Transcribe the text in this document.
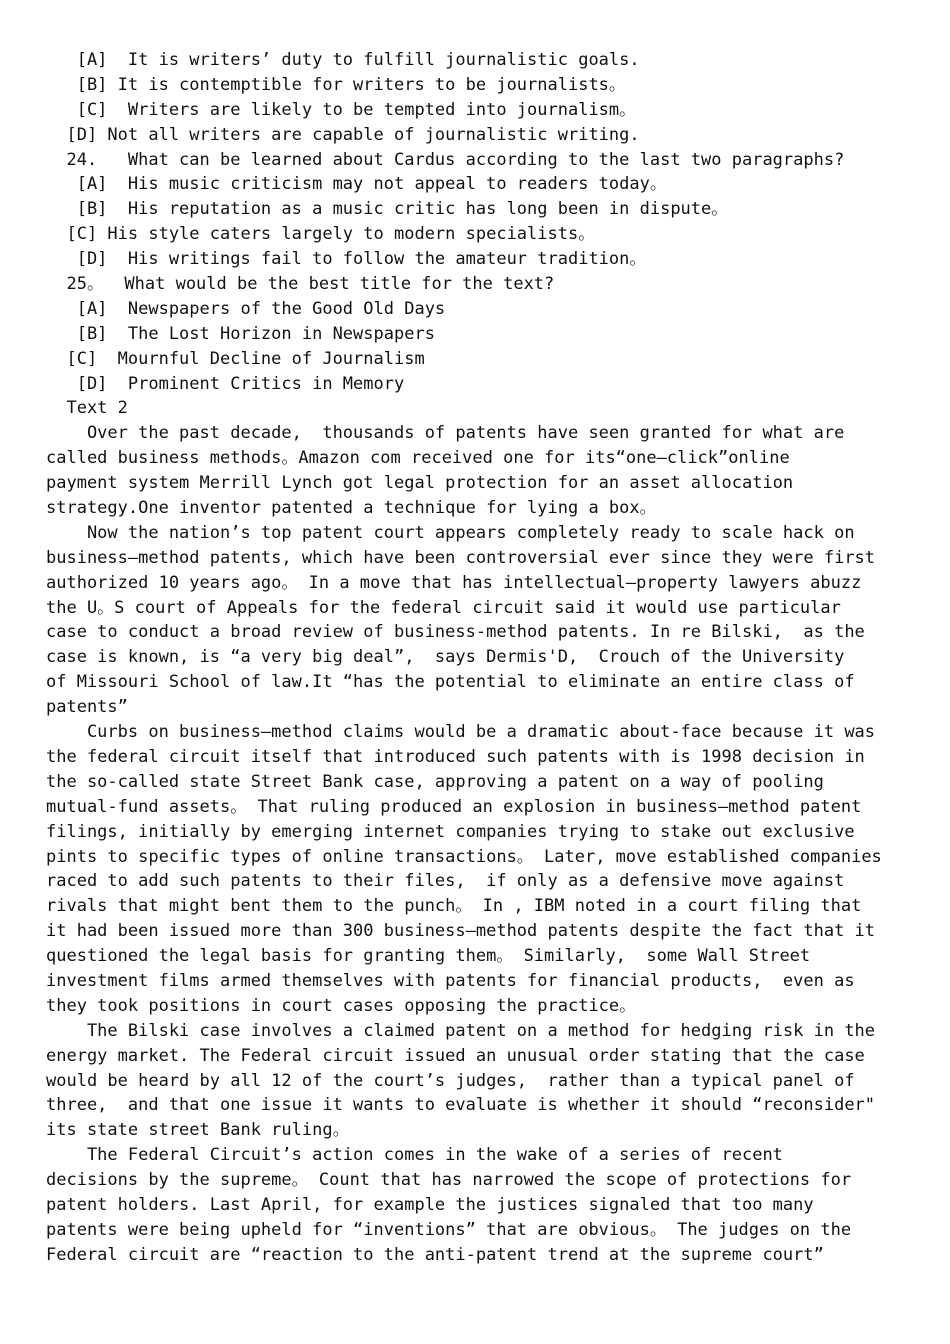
[A]  It is writers’ duty to fulfill journalistic goals.
[B] It is contemptible for writers to be journalists。
[C]  Writers are likely to be tempted into journalism。
[D] Not all writers are capable of journalistic writing.
24.   What can be learned about Cardus according to the last two paragraphs?
[A]  His music criticism may not appeal to readers today。
[B]  His reputation as a music critic has long been in dispute。
[C] His style caters largely to modern specialists。
[D]  His writings fail to follow the amateur tradition。
25。  What would be the best title for the text?
[A]  Newspapers of the Good Old Days
[B]  The Lost Horizon in Newspapers
[C]  Mournful Decline of Journalism
[D]  Prominent Critics in Memory
Text 2
Over the past decade,  thousands of patents have seen granted for what are
called business methods。Amazon com received one for its“one—click”online
payment system Merrill Lynch got legal protection for an asset allocation
strategy.One inventor patented a technique for lying a box。
Now the nation’s top patent court appears completely ready to scale hack on
business—method patents, which have been controversial ever since they were first
authorized 10 years ago。 In a move that has intellectual—property lawyers abuzz
the U。S court of Appeals for the federal circuit said it would use particular
case to conduct a broad review of business-method patents. In re Bilski,  as the
case is known, is “a very big deal”,  says Dermis'D,  Crouch of the University
of Missouri School of law.It “has the potential to eliminate an entire class of
patents”
Curbs on business—method claims would be a dramatic about-face because it was
the federal circuit itself that introduced such patents with is 1998 decision in
the so-called state Street Bank case, approving a patent on a way of pooling
mutual-fund assets。 That ruling produced an explosion in business—method patent
filings, initially by emerging internet companies trying to stake out exclusive
pints to specific types of online transactions。 Later, move established companies
raced to add such patents to their files,  if only as a defensive move against
rivals that might bent them to the punch。 In , IBM noted in a court filing that
it had been issued more than 300 business—method patents despite the fact that it
questioned the legal basis for granting them。 Similarly,  some Wall Street
investment films armed themselves with patents for financial products,  even as
they took positions in court cases opposing the practice。
The Bilski case involves a claimed patent on a method for hedging risk in the
energy market. The Federal circuit issued an unusual order stating that the case
would be heard by all 12 of the court’s judges,  rather than a typical panel of
three,  and that one issue it wants to evaluate is whether it should “reconsider"
its state street Bank ruling。
The Federal Circuit’s action comes in the wake of a series of recent
decisions by the supreme。 Count that has narrowed the scope of protections for
patent holders. Last April, for example the justices signaled that too many
patents were being upheld for “inventions” that are obvious。 The judges on the
Federal circuit are “reaction to the anti-patent trend at the supreme court”
